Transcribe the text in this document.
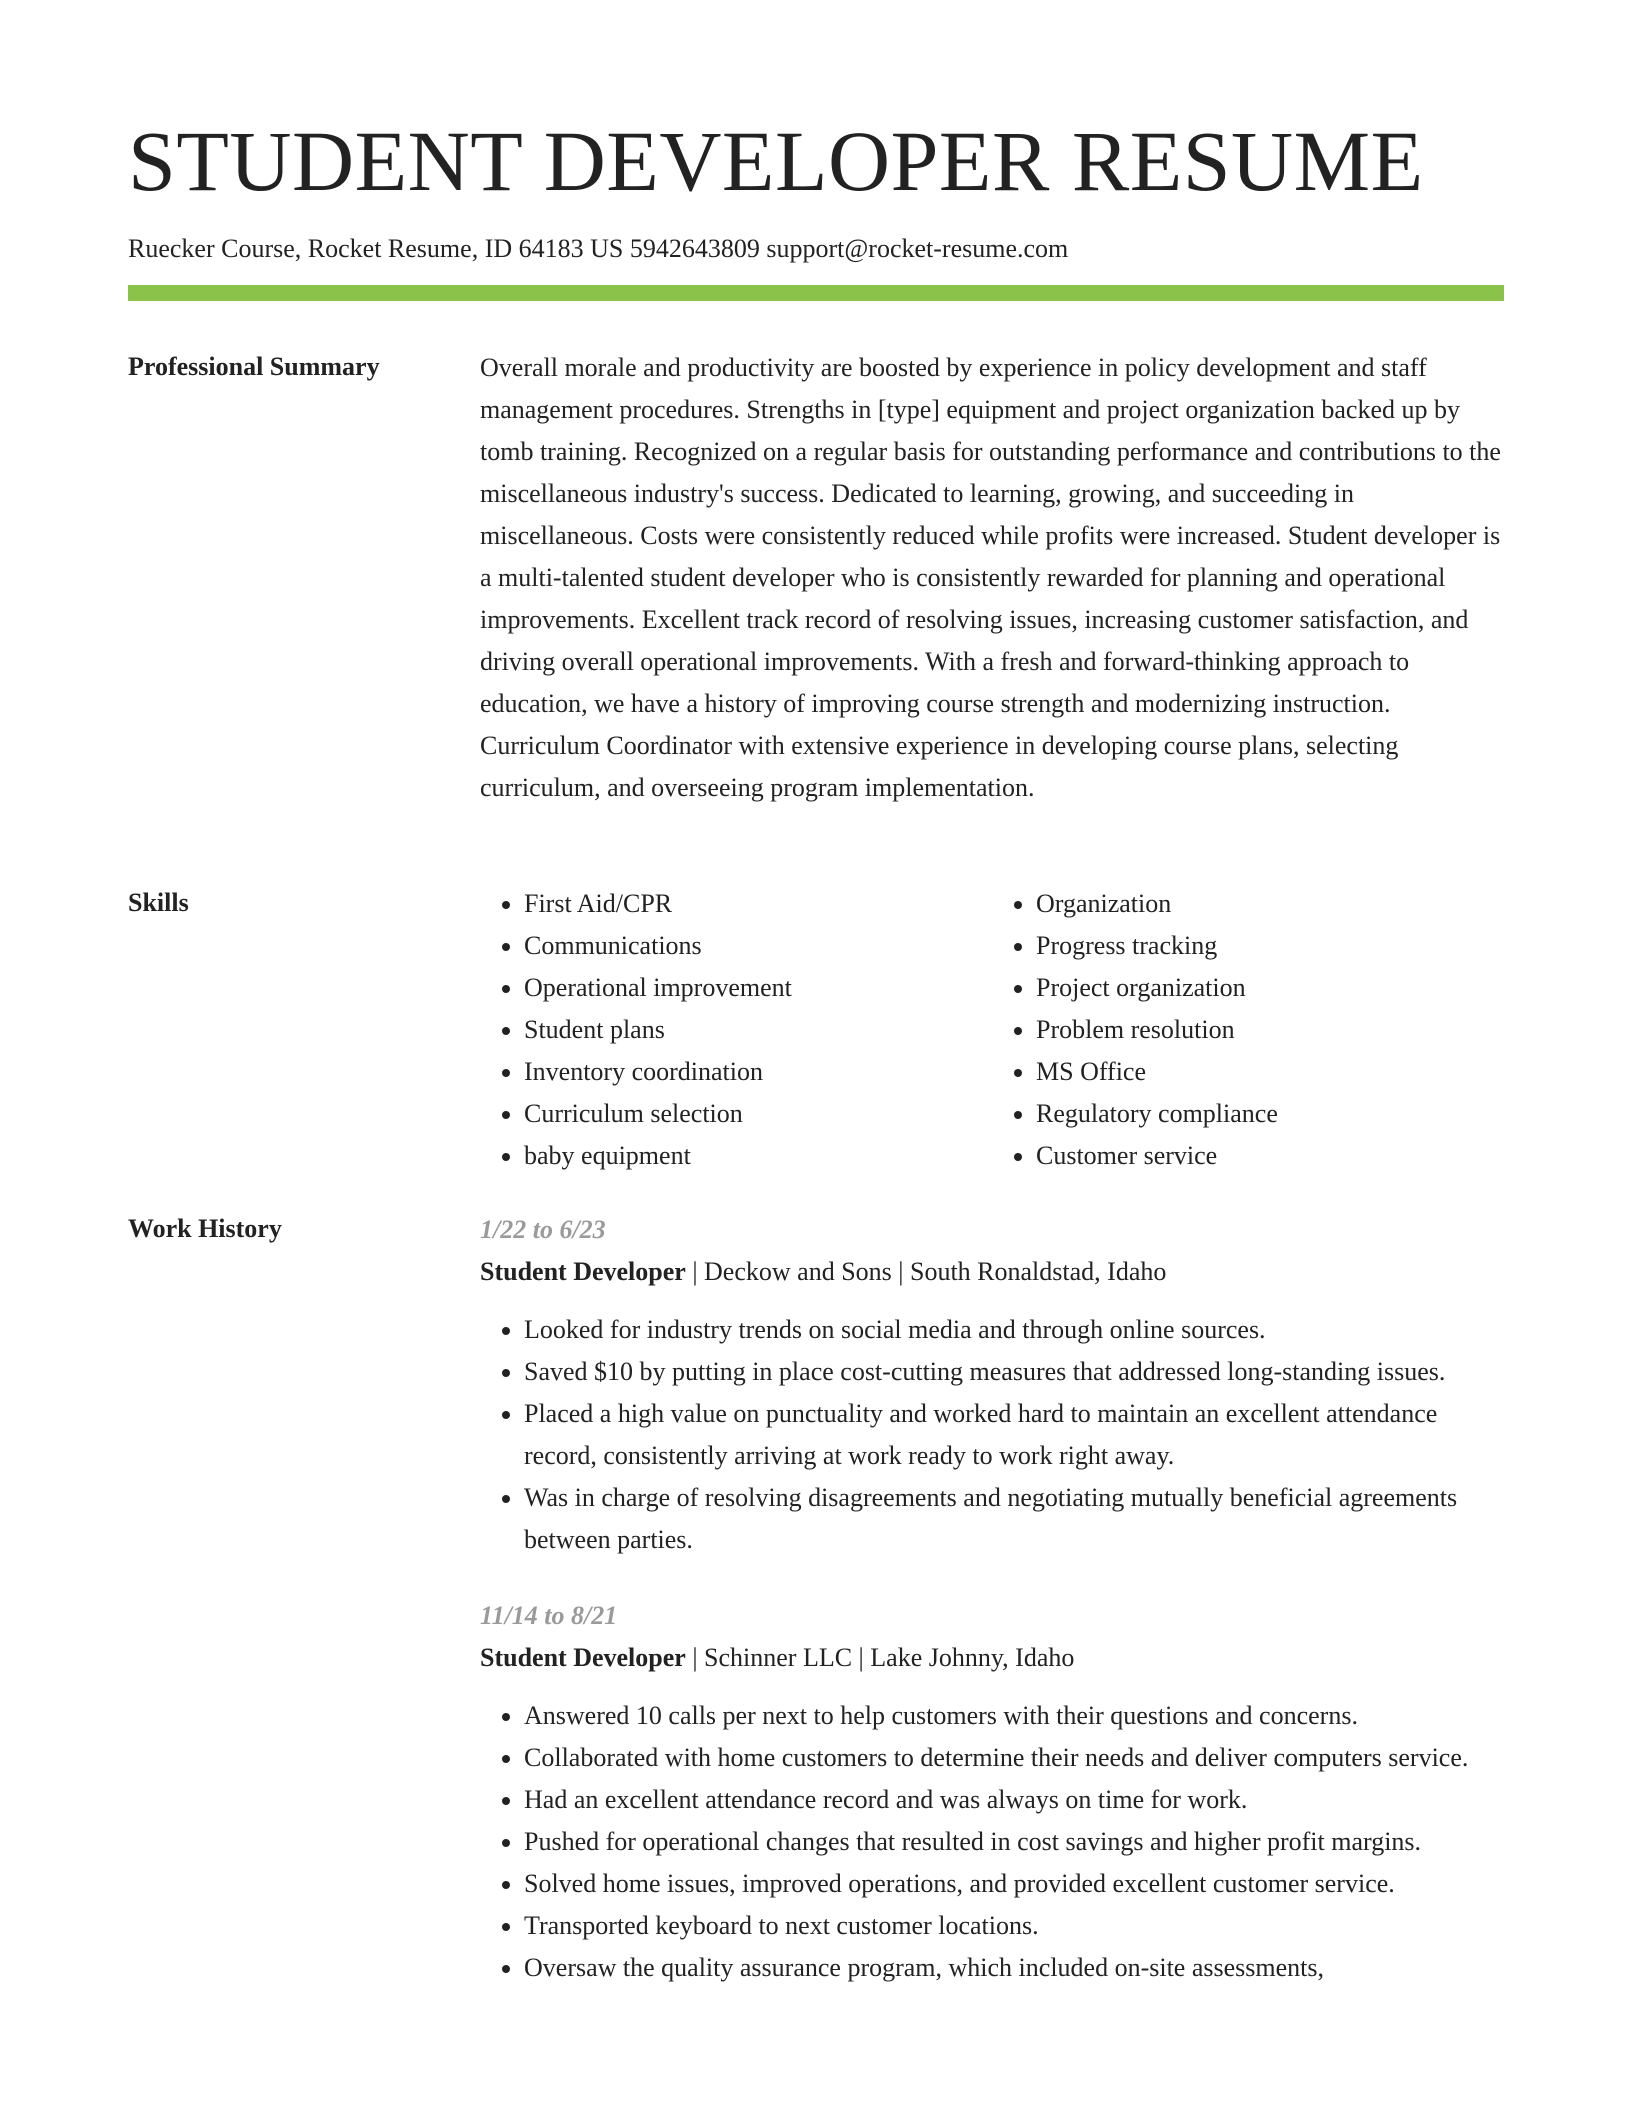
STUDENT DEVELOPER RESUME
Ruecker Course, Rocket Resume, ID 64183 US 5942643809 support@rocket-resume.com
Professional Summary	Overall morale and productivity are boosted by experience in policy development and staff management procedures. Strengths in [type] equipment and project organization backed up by tomb training. Recognized on a regular basis for outstanding performance and contributions to the miscellaneous industry's success. Dedicated to learning, growing, and succeeding in miscellaneous. Costs were consistently reduced while profits were increased. Student developer is a multi-talented student developer who is consistently rewarded for planning and operational improvements. Excellent track record of resolving issues, increasing customer satisfaction, and driving overall operational improvements. With a fresh and forward-thinking approach to education, we have a history of improving course strength and modernizing instruction. Curriculum Coordinator with extensive experience in developing course plans, selecting curriculum, and overseeing program implementation.

Skills
•	First Aid/CPR
• Communications
• Operational improvement
• Student plans
• Inventory coordination
• Curriculum selection
• baby equipment
• Organization
• Progress tracking
• Project organization
• Problem resolution
• MS Office
• Regulatory compliance
• Customer service
Work History	1/22 to 6/23
Student Developer | Deckow and Sons | South Ronaldstad, Idaho
• Looked for industry trends on social media and through online sources.
• Saved $10 by putting in place cost-cutting measures that addressed long-standing issues.
• Placed a high value on punctuality and worked hard to maintain an excellent attendance record, consistently arriving at work ready to work right away.
• Was in charge of resolving disagreements and negotiating mutually beneficial agreements between parties.
11/14 to 8/21
Student Developer | Schinner LLC | Lake Johnny, Idaho
• Answered 10 calls per next to help customers with their questions and concerns.
• Collaborated with home customers to determine their needs and deliver computers service.
• Had an excellent attendance record and was always on time for work.
• Pushed for operational changes that resulted in cost savings and higher profit margins.
• Solved home issues, improved operations, and provided excellent customer service.
• Transported keyboard to next customer locations.
• Oversaw the quality assurance program, which included on-site assessments,
